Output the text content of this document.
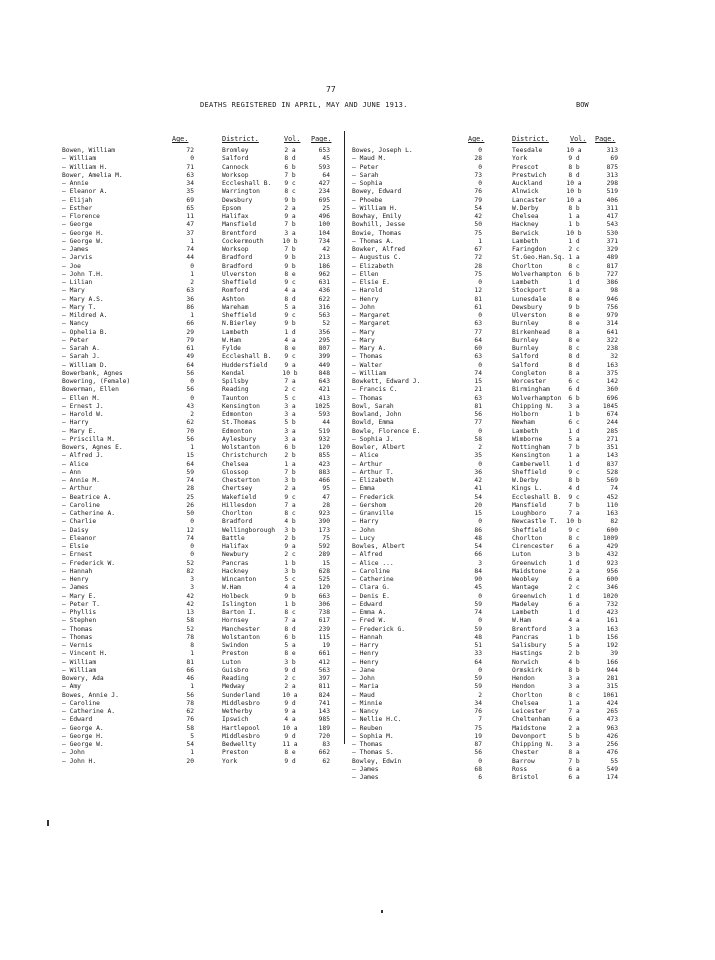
77
DEATHS REGISTERED IN APRIL, MAY AND JUNE 1913.	BOW
Age.	District.	Vol. Page.	Age.	District.	Vol. Page.
Bowen, William	72	Bromley	2 a	653
— William	0	Salford	8 d	45
— William H.	71	Cannock	6 b	593
Bower, Amelia M.	63	Worksop	7 b	64
— Annie	34	Eccleshall B.	9 c	427
— Eleanor A.	35	Warrington	8 c	234
— Elijah	69	Dewsbury	9 b	695
— Esther	65	Epsom	2 a	25
— Florence	11	Halifax	9 a	496
— George	47	Mansfield	7 b	100
— George H.	37	Brentford	3 a	104
— George W.	1	Cockermouth	10 b	734
— James	74	Worksop	7 b	42
— Jarvis	44	Bradford	9 b	213
— Joe	0	Bradford	9 b	186
— John T.H.	1	Ulverston	8 e	962
— Lilian	2	Sheffield	9 c	631
— Mary	63	Romford	4 a	436
— Mary A.S.	36	Ashton	8 d	622
— Mary T.	86	Wareham	5 a	316
— Mildred A.	1	Sheffield	9 c	563
— Nancy	66	N.Bierley	9 b	52
— Ophelia B.	29	Lambeth	1 d	356
— Peter	79	W.Ham	4 a	295
— Sarah A.	61	Fylde	8 e	807
— Sarah J.	49	Eccleshall B.	9 c	399
— William D.	64	Huddersfield	9 a	449
Bowerbank, Agnes	56	Kendal	10 b	848
Bowering, (Female)	0	Spilsby	7 a	643
Bowerman, Ellen	56	Reading	2 c	421
— Ellen M.	0	Taunton	5 c	413
— Ernest J.	43	Kensington	3 a	1025
— Harold W.	2	Edmonton	3 a	593
— Harry	62	St.Thomas	5 b	44
— Mary E.	70	Edmonton	3 a	519
— Priscilla M.	56	Aylesbury	3 a	932
Bowers, Agnes E.	1	Wolstanton	6 b	120
— Alfred J.	15	Christchurch	2 b	855
— Alice	64	Chelsea	1 a	423
— Ann	59	Glossop	7 b	883
— Annie M.	74	Chesterton	3 b	466
— Arthur	28	Chertsey	2 a	95
— Beatrice A.	25	Wakefield	9 c	47
— Caroline	26	Hillesdon	7 a	28
— Catherine A.	50	Chorlton	8 c	923
— Charlie	0	Bradford	4 b	390
— Daisy	12	Wellingborough	3 b	173
— Eleanor	74	Battle	2 b	75
— Elsie	0	Halifax	9 a	592
— Ernest	0	Newbury	2 c	289
— Frederick W.	52	Pancras	1 b	15
— Hannah	82	Hackney	3 b	628
— Henry	3	Wincanton	5 c	525
— James	3	W.Ham	4 a	120
— Mary E.	42	Holbeck	9 b	663
— Peter T.	42	Islington	1 b	306
— Phyllis	13	Barton I.	8 c	738
— Stephen	58	Hornsey	7 a	617
— Thomas	52	Manchester	8 d	239
— Thomas	78	Wolstanton	6 b	115
— Vernis	8	Swindon	5 a	19
— Vincent H.	1	Preston	8 e	661
— William	81	Luton	3 b	412
— William	66	Guisbro	9 d	563
Bowery, Ada	46	Reading	2 c	397
— Amy	1	Medway	2 a	811
Bowes, Annie J.	56	Sunderland	10 a	824
— Caroline	78	Middlesbro	9 d	741
— Catherine A.	62	Wetherby	9 a	143
— Edward	76	Ipswich	4 a	985
— George A.	58	Hartlepool	10 a	189
— George H.	5	Middlesbro	9 d	720
— George W.	54	Bedwellty	11 a	83
— John	1	Preston	8 e	662
— John H.	20	York	9 d	62
Bowes, Joseph L.	0	Teesdale	10 a	313
— Maud M.	28	York	9 d	69
— Peter	0	Prescot	8 b	875
— Sarah	73	Prestwich	8 d	313
— Sophia	0	Auckland	10 a	298
Bowey, Edward	76	Alnwick	10 b	519
— Phoebe	79	Lancaster	10 a	406
— William H.	54	W.Derby	8 b	311
Bowhay, Emily	42	Chelsea	1 a	417
Bowhill, Jesse	50	Hackney	1 b	543
Bowie, Thomas	75	Berwick	10 b	530
— Thomas A.	1	Lambeth	1 d	371
Bowker, Alfred	67	Faringdon	2 c	329
— Augustus C.	72	St.Geo.Han.Sq. 1 a	489
— Elizabeth	28	Chorlton	8 c	817
— Ellen	75	Wolverhampton	6 b	727
— Elsie E.	0	Lambeth	1 d	386
— Harold	12	Stockport	8 a	98
— Henry	81	Lunesdale	8 e	946
— John	61	Dewsbury	9 b	756
— Margaret	0	Ulverston	8 e	979
— Margaret	63	Burnley	8 e	314
— Mary	77	Birkenhead	8 a	641
— Mary	64	Burnley	8 e	322
— Mary A.	60	Burnley	8 c	238
— Thomas	63	Salford	8 d	32
— Walter	0	Salford	8 d	163
— William	74	Congleton	8 a	375
Bowkett, Edward J.	15	Worcester	6 c	142
— Francis C.	21	Birmingham	6 d	360
— Thomas	63	Wolverhampton	6 b	696
Bowl, Sarah	81	Chipping N.	3 a	1045
Bowland, John	56	Holborn	1 b	674
Bowld, Emma	77	Newham	6 c	244
Bowle, Florence E.	0	Lambeth	1 d	285
— Sophia J.	58	Wimborne	5 a	271
Bowler, Albert	2	Nottingham	7 b	351
— Alice	35	Kensington	1 a	143
— Arthur	0	Camberwell	1 d	837
— Arthur T.	36	Sheffield	9 c	528
— Elizabeth	42	W.Derby	8 b	569
— Emma	41	Kings L.	4 d	74
— Frederick	54	Eccleshall B.	9 c	452
— Gershom	20	Mansfield	7 b	110
— Granville	15	Loughboro	7 a	163
— Harry	0	Newcastle T.	10 b	82
— John	86	Sheffield	9 c	600
— Lucy	48	Chorlton	8 c	1009
Bowles, Albert	54	Cirencester	6 a	429
— Alfred	66	Luton	3 b	432
— Alice ...	3	Greenwich	1 d	923
— Caroline	84	Maidstone	2 a	956
— Catherine	90	Weobley	6 a	600
— Clara G.	45	Wantage	2 c	346
— Denis E.	0	Greenwich	1 d	1020
— Edward	59	Madeley	6 a	732
— Emma A.	74	Lambeth	1 d	423
— Fred W.	0	W.Ham	4 a	161
— Frederick G.	59	Brentford	3 a	163
— Hannah	48	Pancras	1 b	156
— Harry	51	Salisbury	5 a	192
— Henry	33	Hastings	2 b	39
— Henry	64	Norwich	4 b	166
— Jane	0	Ormskirk	8 b	944
— John	59	Hendon	3 a	281
— Maria	59	Hendon	3 a	315
— Maud	2	Chorlton	8 c	1061
— Minnie	34	Chelsea	1 a	424
— Nancy	76	Leicester	7 a	265
— Nellie H.C.	7	Cheltenham	6 a	473
— Reuben	75	Maidstone	2 a	963
— Sophia M.	19	Devonport	5 b	426
— Thomas	87	Chipping N.	3 a	256
— Thomas S.	56	Chester	8 a	476
Bowley, Edwin	0	Barrow	7 b	55
— James	68	Ross	6 a	549
— James	6	Bristol	6 a	174
